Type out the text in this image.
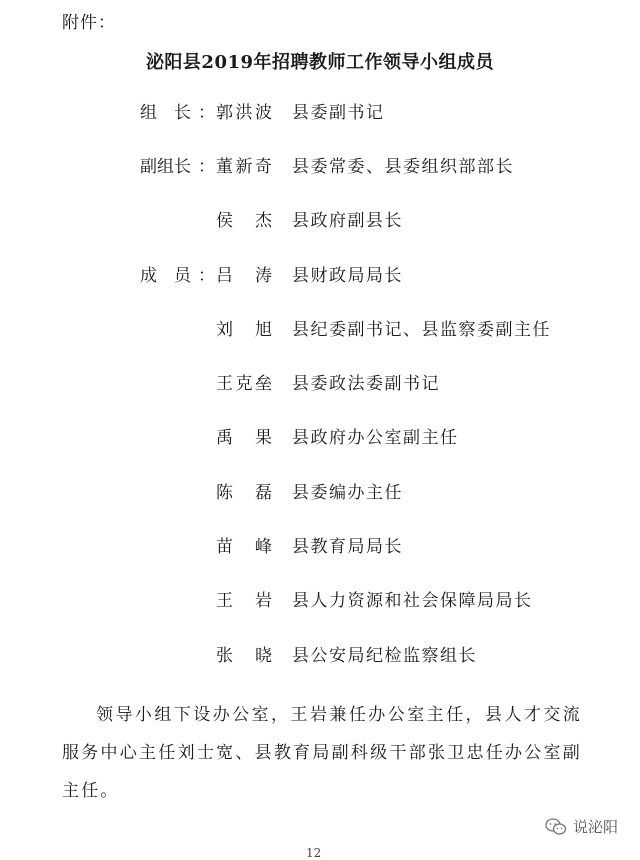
附件：
泌阳县2019年招聘教师工作领导小组成员
组　长 ： 郭洪波 县委副书记
副组长 ： 董新奇 县委常委、县委组织部部长
侯　杰 县政府副县长
成　员 ： 吕　涛 县财政局局长
刘　旭 县纪委副书记、县监察委副主任
王克垒 县委政法委副书记
禹　果 县政府办公室副主任
陈　磊 县委编办主任
苗　峰 县教育局局长
王　岩 县人力资源和社会保障局局长
张　晓 县公安局纪检监察组长
领导小组下设办公室，王岩兼任办公室主任，县人才交流服务中心主任刘士宽、县教育局副科级干部张卫忠任办公室副主任。
说泌阳
12
